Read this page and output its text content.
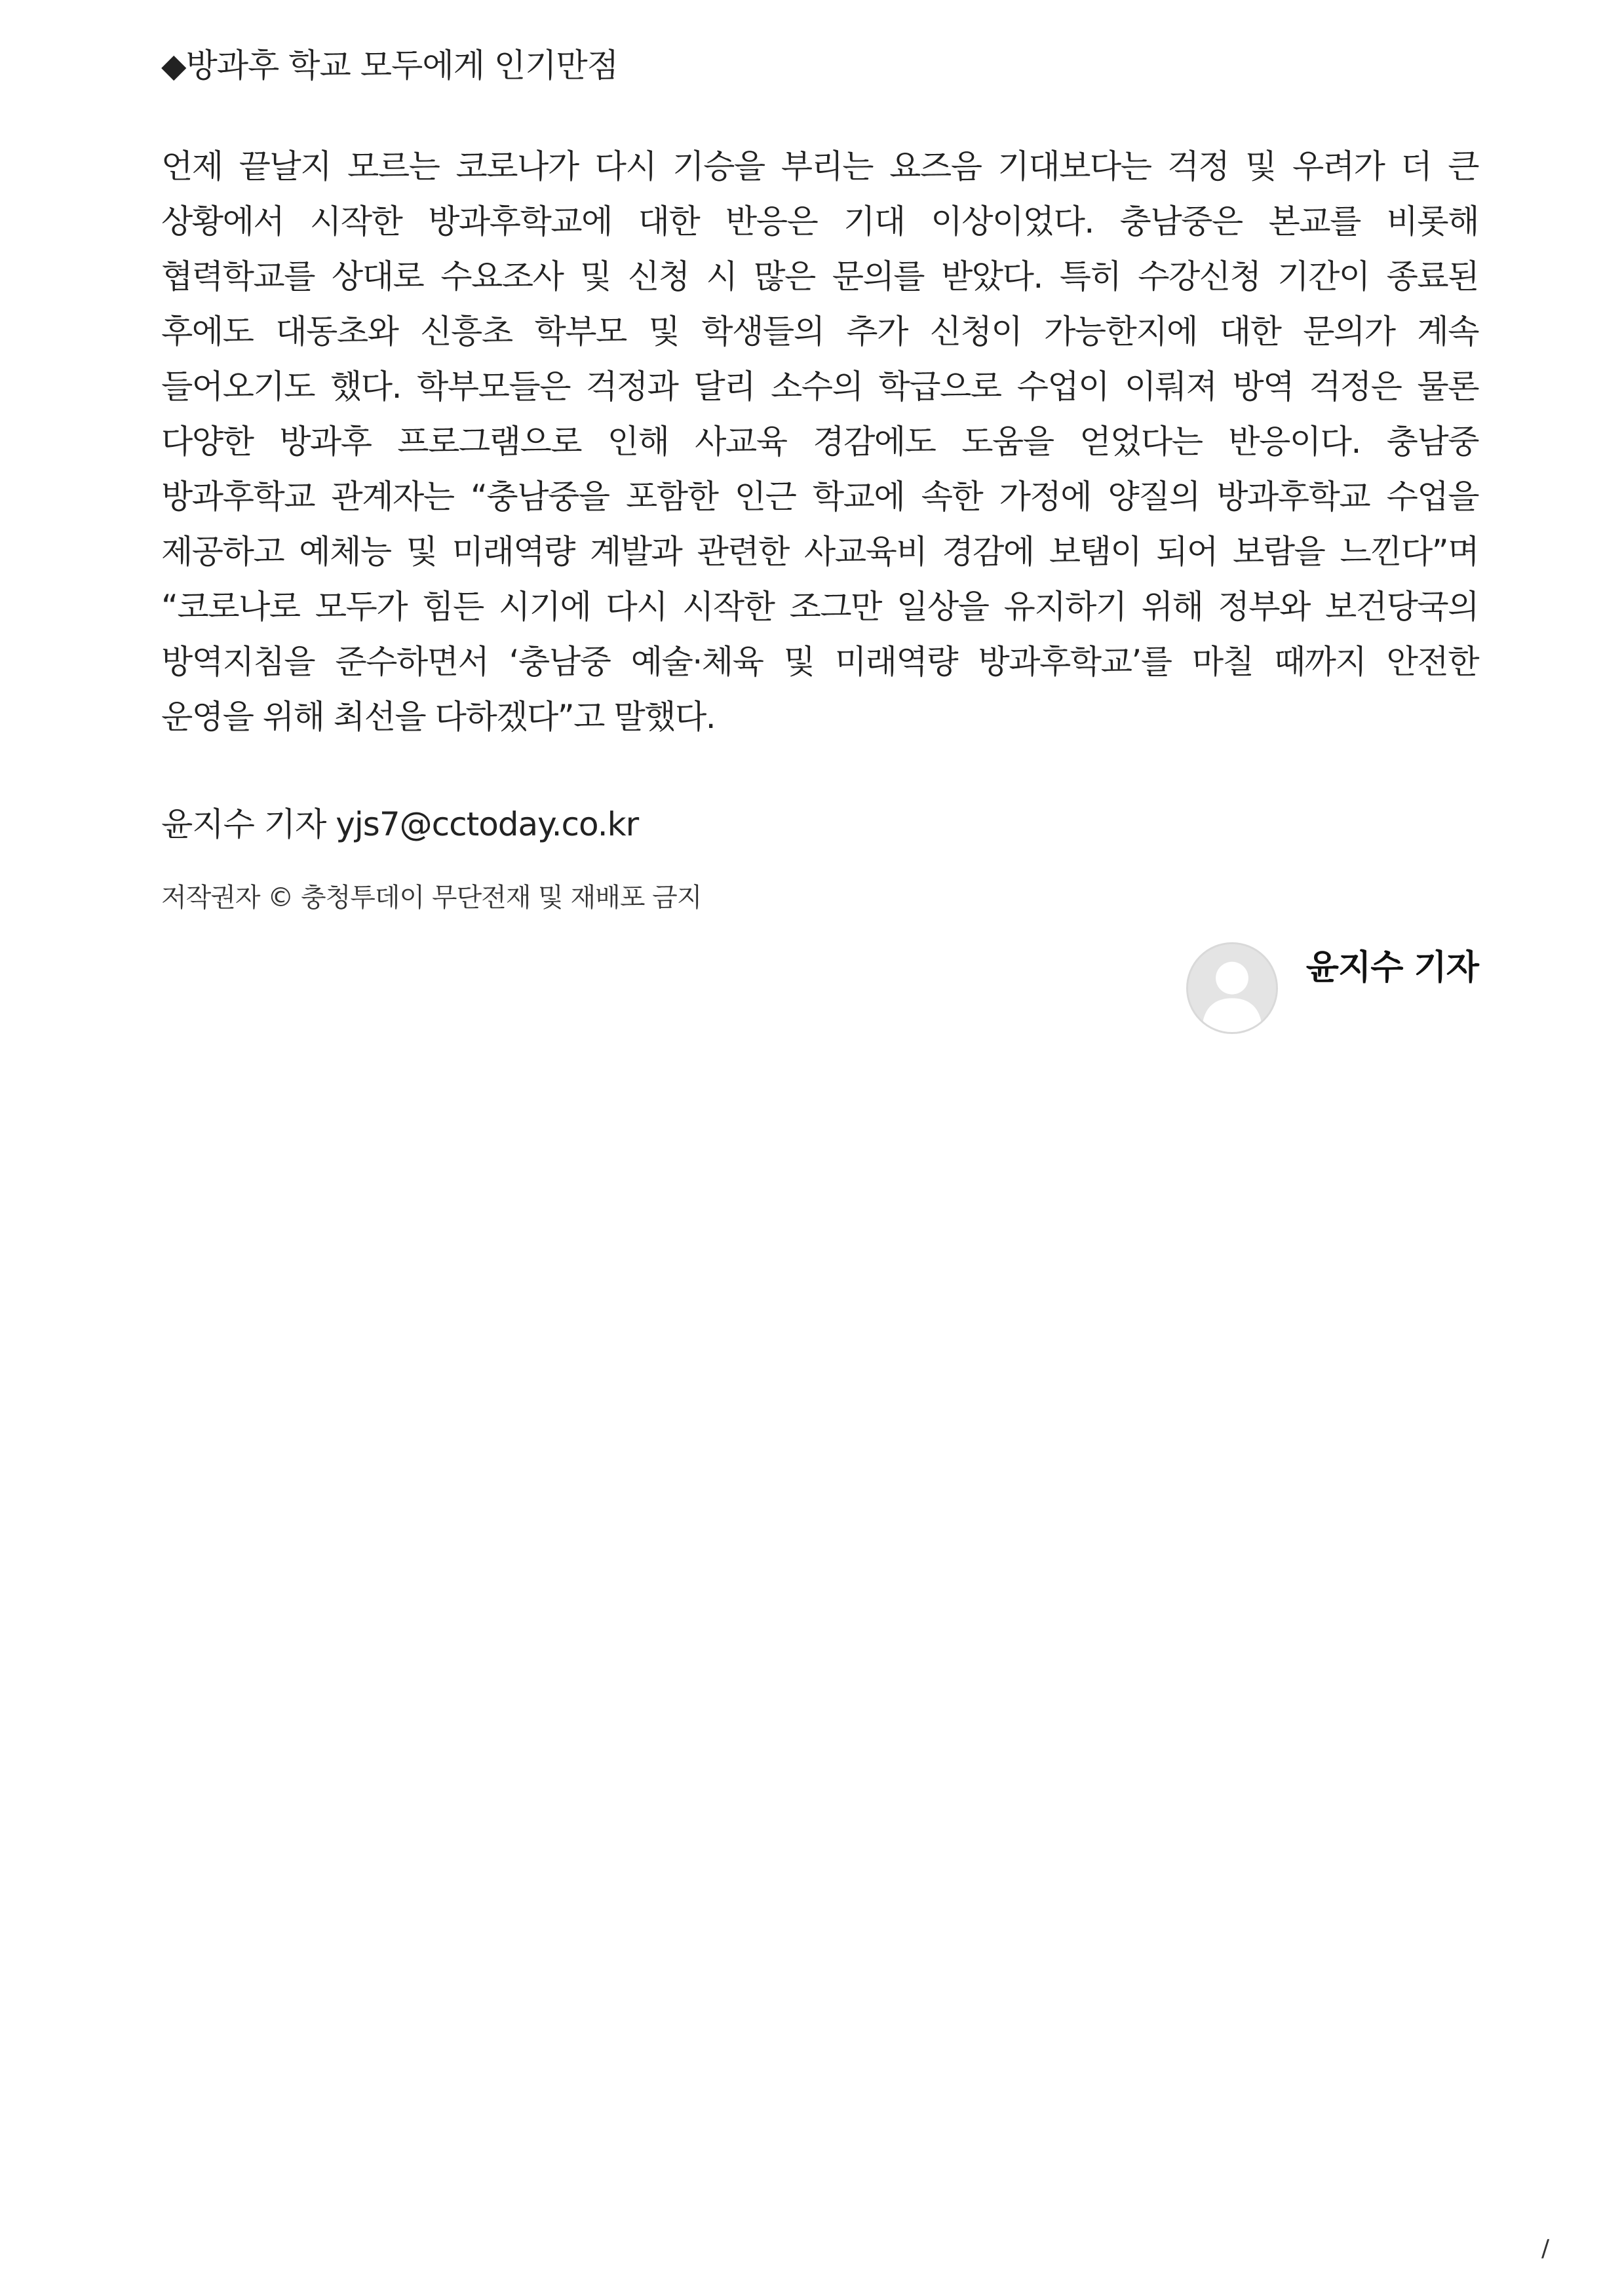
◆방과후 학교 모두에게 인기만점

언제 끝날지 모르는 코로나가 다시 기승을 부리는 요즈음 기대보다는 걱정 및 우려가 더 큰 상황에서 시작한 방과후학교에 대한 반응은 기대 이상이었다. 충남중은 본교를 비롯해 협력학교를 상대로 수요조사 및 신청 시 많은 문의를 받았다. 특히 수강신청 기간이 종료된 후에도 대동초와 신흥초 학부모 및 학생들의 추가 신청이 가능한지에 대한 문의가 계속 들어오기도 했다. 학부모들은 걱정과 달리 소수의 학급으로 수업이 이뤄져 방역 걱정은 물론 다양한 방과후 프로그램으로 인해 사교육 경감에도 도움을 얻었다는 반응이다. 충남중 방과후학교 관계자는 “충남중을 포함한 인근 학교에 속한 가정에 양질의 방과후학교 수업을 제공하고 예체능 및 미래역량 계발과 관련한 사교육비 경감에 보탬이 되어 보람을 느낀다”며 “코로나로 모두가 힘든 시기에 다시 시작한 조그만 일상을 유지하기 위해 정부와 보건당국의 방역지침을 준수하면서 ‘충남중 예술·체육 및 미래역량 방과후학교’를 마칠 때까지 안전한 운영을 위해 최선을 다하겠다”고 말했다.

윤지수 기자 yjs7@cctoday.co.kr

저작권자 © 충청투데이 무단전재 및 재배포 금지

윤지수 기자
/
